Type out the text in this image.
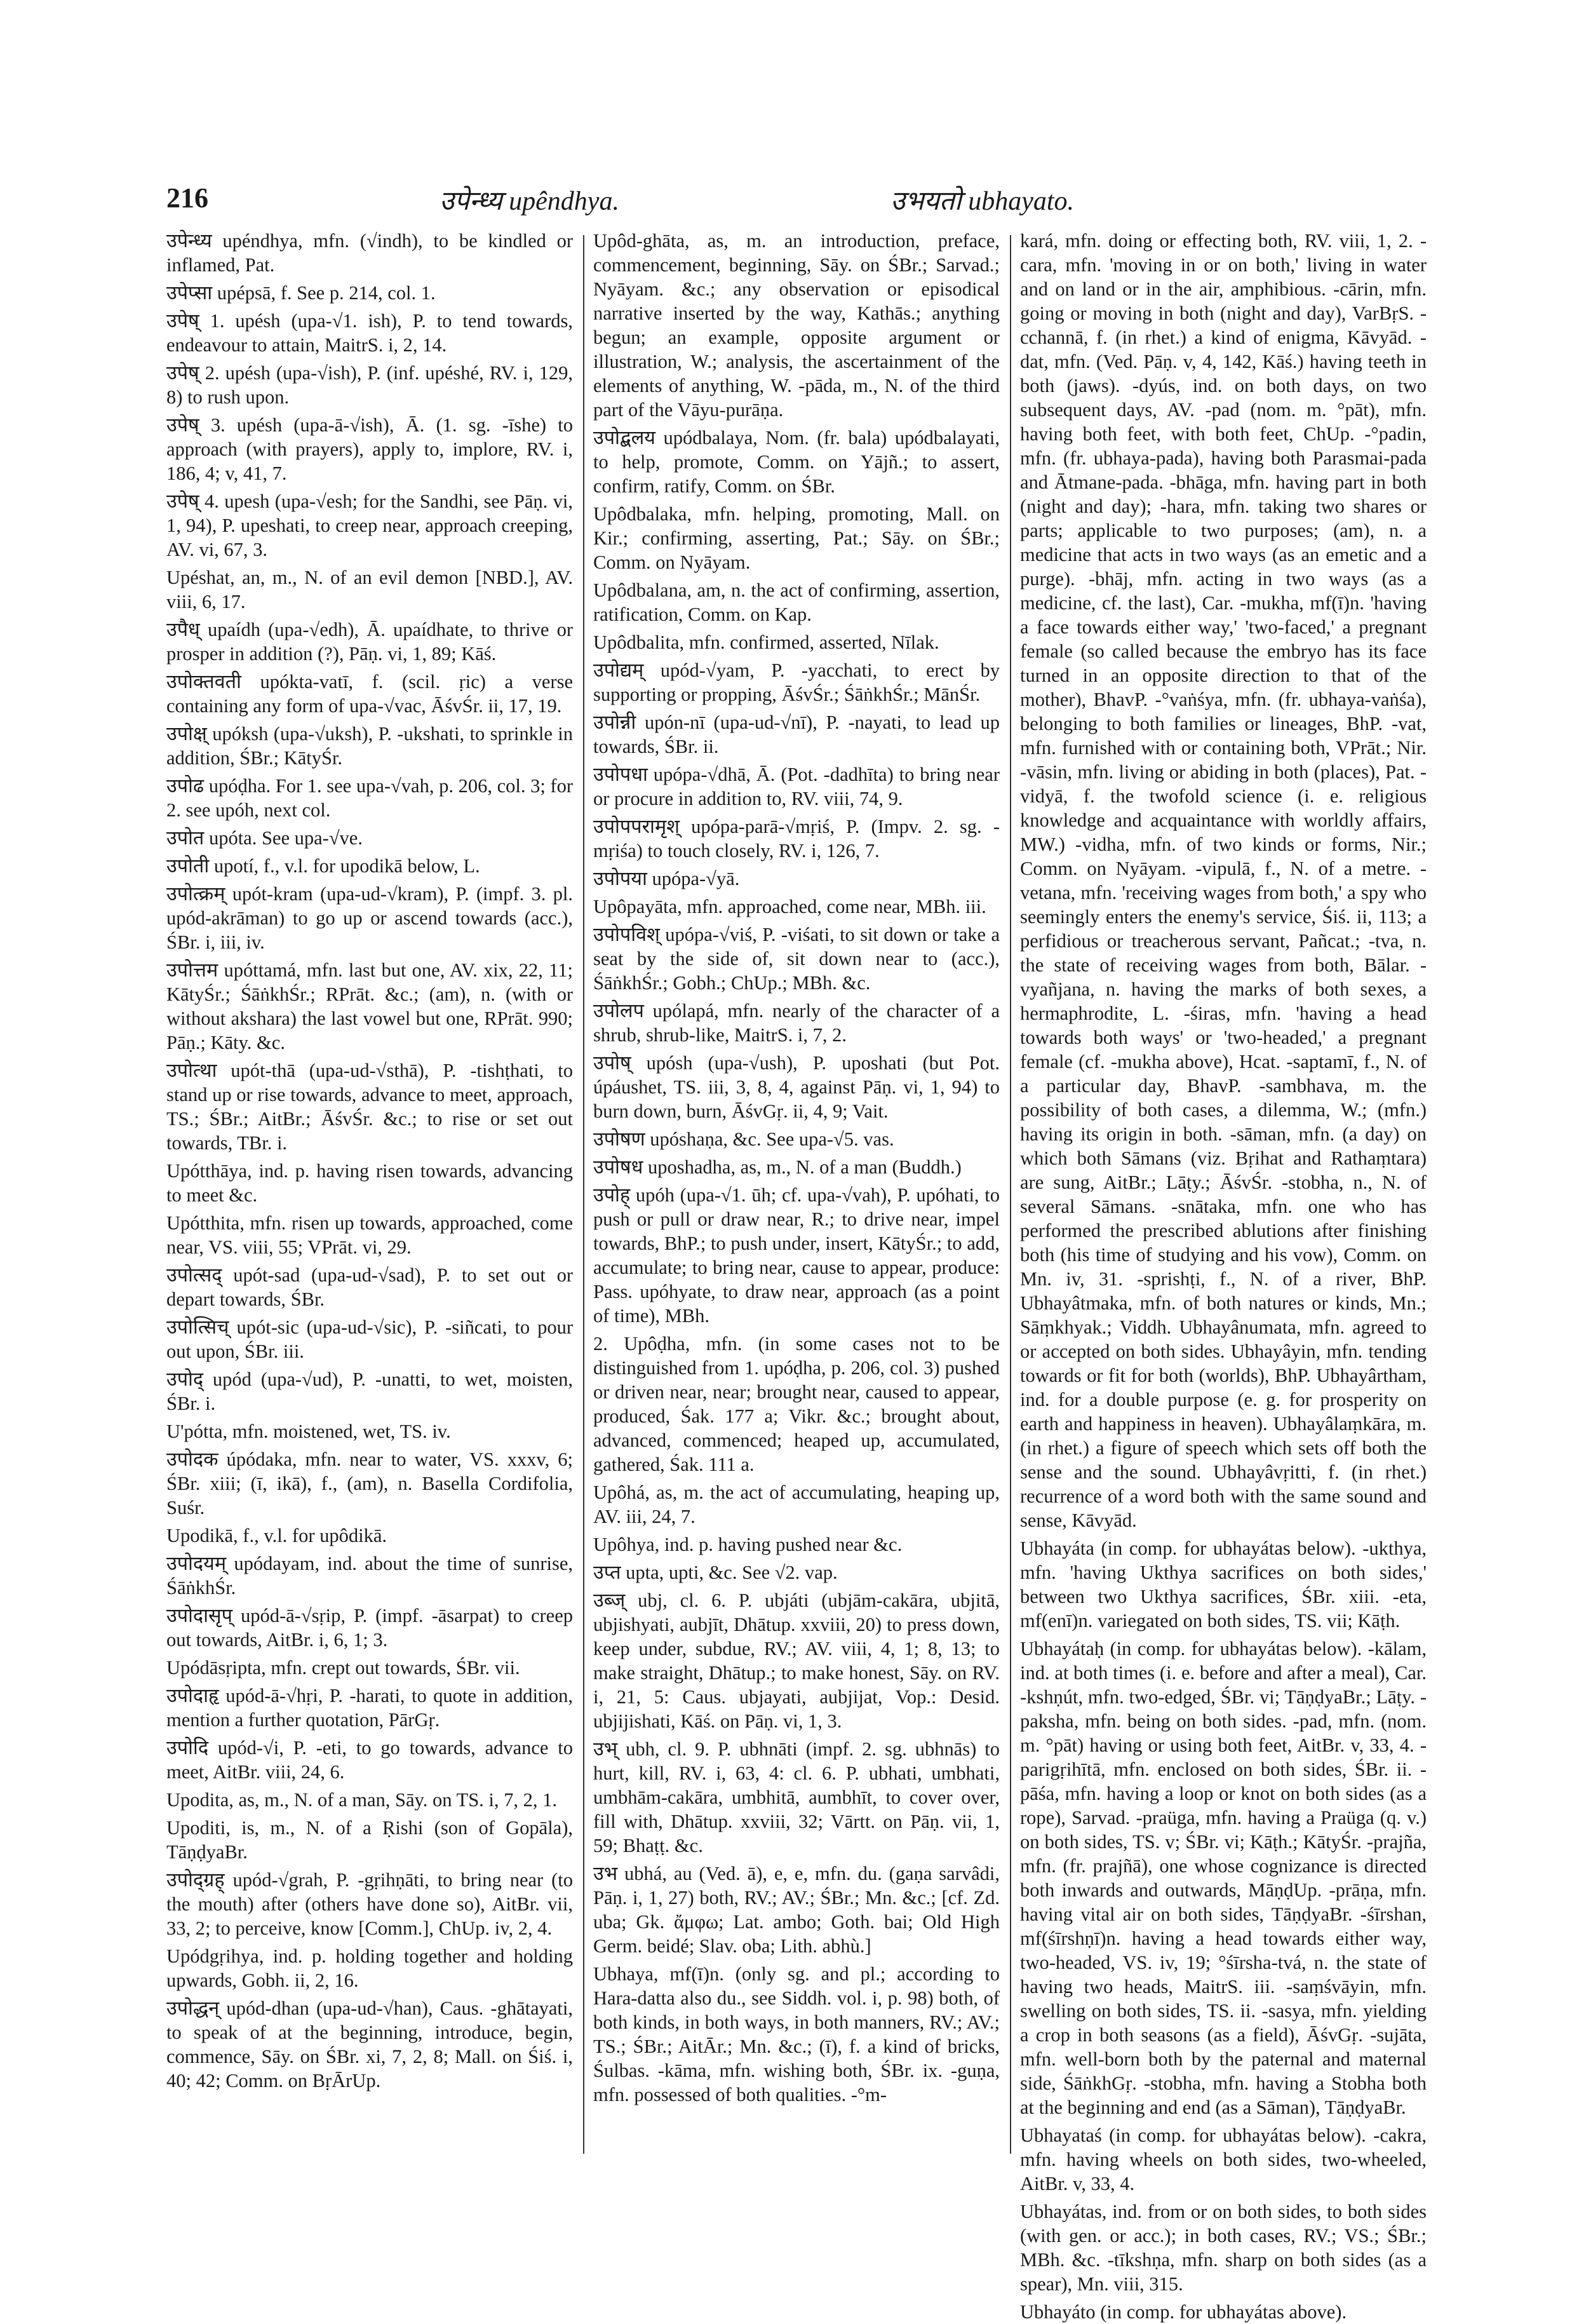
216	उपेन्ध्य upêndhya.	उभयतो ubhayato.

उपेन्ध्य upéndhya, mfn. (√indh), to be kindled or inflamed, Pat.

उपेप्सा upépsā, f. See p. 214, col. 1.

उपेष् 1. upésh (upa-√1. ish), P. to tend towards, endeavour to attain, MaitrS. i, 2, 14.

उपेष् 2. upésh (upa-√ish), P. (inf. upéshé, RV. i, 129, 8) to rush upon.

उपेष् 3. upésh (upa-ā-√ish), Ā. (1. sg. -īshe) to approach (with prayers), apply to, implore, RV. i, 186, 4; v, 41, 7.

उपेष् 4. upesh (upa-√esh; for the Sandhi, see Pāṇ. vi, 1, 94), P. upeshati, to creep near, approach creeping, AV. vi, 67, 3.

Upéshat, an, m., N. of an evil demon [NBD.], AV. viii, 6, 17.

उपैध् upaídh (upa-√edh), Ā. upaídhate, to thrive or prosper in addition (?), Pāṇ. vi, 1, 89; Kāś.

उपोक्तवती upókta-vatī, f. (scil. ṛic) a verse containing any form of upa-√vac, ĀśvŚr. ii, 17, 19.

उपोक्ष् upóksh (upa-√uksh), P. -ukshati, to sprinkle in addition, ŚBr.; KātyŚr.

उपोढ upóḍha. For 1. see upa-√vah, p. 206, col. 3; for 2. see upóh, next col.

उपोत upóta. See upa-√ve.

उपोती upotí, f., v.l. for upodikā below, L.

उपोत्क्रम् upót-kram (upa-ud-√kram), P. (impf. 3. pl. upód-akrāman) to go up or ascend towards (acc.), ŚBr. i, iii, iv.

उपोत्तम upóttamá, mfn. last but one, AV. xix, 22, 11; KātyŚr.; ŚāṅkhŚr.; RPrāt. &c.; (am), n. (with or without akshara) the last vowel but one, RPrāt. 990; Pāṇ.; Kāty. &c.

उपोत्था upót-thā (upa-ud-√sthā), P. -tishṭhati, to stand up or rise towards, advance to meet, approach, TS.; ŚBr.; AitBr.; ĀśvŚr. &c.; to rise or set out towards, TBr. i.

Upótthāya, ind. p. having risen towards, advancing to meet &c.

Upótthita, mfn. risen up towards, approached, come near, VS. viii, 55; VPrāt. vi, 29.

उपोत्सद् upót-sad (upa-ud-√sad), P. to set out or depart towards, ŚBr.

उपोत्सिच् upót-sic (upa-ud-√sic), P. -siñcati, to pour out upon, ŚBr. iii.

उपोद् upód (upa-√ud), P. -unatti, to wet, moisten, ŚBr. i.

U'pótta, mfn. moistened, wet, TS. iv.

उपोदक úpódaka, mfn. near to water, VS. xxxv, 6; ŚBr. xiii; (ī, ikā), f., (am), n. Basella Cordifolia, Suśr.

Upodikā, f., v.l. for upôdikā.

उपोदयम् upódayam, ind. about the time of sunrise, ŚāṅkhŚr.

उपोदासृप् upód-ā-√sṛip, P. (impf. -āsarpat) to creep out towards, AitBr. i, 6, 1; 3.

Upódāsṛipta, mfn. crept out towards, ŚBr. vii.

उपोदाहृ upód-ā-√hṛi, P. -harati, to quote in addition, mention a further quotation, PārGṛ.

उपोदि upód-√i, P. -eti, to go towards, advance to meet, AitBr. viii, 24, 6.

Upodita, as, m., N. of a man, Sāy. on TS. i, 7, 2, 1.

Upoditi, is, m., N. of a Ṛishi (son of Gopāla), TāṇḍyaBr.

उपोद्ग्रह् upód-√grah, P. -gṛihṇāti, to bring near (to the mouth) after (others have done so), AitBr. vii, 33, 2; to perceive, know [Comm.], ChUp. iv, 2, 4.

Upódgṛihya, ind. p. holding together and holding upwards, Gobh. ii, 2, 16.

उपोद्धन् upód-dhan (upa-ud-√han), Caus. -ghātayati, to speak of at the beginning, introduce, begin, commence, Sāy. on ŚBr. xi, 7, 2, 8; Mall. on Śiś. i, 40; 42; Comm. on BṛĀrUp.

Upôd-ghāta, as, m. an introduction, preface, commencement, beginning, Sāy. on ŚBr.; Sarvad.; Nyāyam. &c.; any observation or episodical narrative inserted by the way, Kathās.; anything begun; an example, opposite argument or illustration, W.; analysis, the ascertainment of the elements of anything, W. -pāda, m., N. of the third part of the Vāyu-purāṇa.

उपोद्बलय upódbalaya, Nom. (fr. bala) upódbalayati, to help, promote, Comm. on Yājñ.; to assert, confirm, ratify, Comm. on ŚBr.

Upôdbalaka, mfn. helping, promoting, Mall. on Kir.; confirming, asserting, Pat.; Sāy. on ŚBr.; Comm. on Nyāyam.

Upôdbalana, am, n. the act of confirming, assertion, ratification, Comm. on Kap.

Upôdbalita, mfn. confirmed, asserted, Nīlak.

उपोद्यम् upód-√yam, P. -yacchati, to erect by supporting or propping, ĀśvŚr.; ŚāṅkhŚr.; MānŚr.

उपोन्नी upón-nī (upa-ud-√nī), P. -nayati, to lead up towards, ŚBr. ii.

उपोपधा upópa-√dhā, Ā. (Pot. -dadhīta) to bring near or procure in addition to, RV. viii, 74, 9.

उपोपपरामृश् upópa-parā-√mṛiś, P. (Impv. 2. sg. -mṛiśa) to touch closely, RV. i, 126, 7.

उपोपया upópa-√yā.

Upôpayāta, mfn. approached, come near, MBh. iii.

उपोपविश् upópa-√viś, P. -viśati, to sit down or take a seat by the side of, sit down near to (acc.), ŚāṅkhŚr.; Gobh.; ChUp.; MBh. &c.

उपोलप upólapá, mfn. nearly of the character of a shrub, shrub-like, MaitrS. i, 7, 2.

उपोष् upósh (upa-√ush), P. uposhati (but Pot. úpáushet, TS. iii, 3, 8, 4, against Pāṇ. vi, 1, 94) to burn down, burn, ĀśvGṛ. ii, 4, 9; Vait.

उपोषण upóshaṇa, &c. See upa-√5. vas.

उपोषध uposhadha, as, m., N. of a man (Buddh.)

उपोह् upóh (upa-√1. ūh; cf. upa-√vah), P. upóhati, to push or pull or draw near, R.; to drive near, impel towards, BhP.; to push under, insert, KātyŚr.; to add, accumulate; to bring near, cause to appear, produce: Pass. upóhyate, to draw near, approach (as a point of time), MBh.

2. Upôḍha, mfn. (in some cases not to be distinguished from 1. upóḍha, p. 206, col. 3) pushed or driven near, near; brought near, caused to appear, produced, Śak. 177 a; Vikr. &c.; brought about, advanced, commenced; heaped up, accumulated, gathered, Śak. 111 a.

Upôhá, as, m. the act of accumulating, heaping up, AV. iii, 24, 7.

Upôhya, ind. p. having pushed near &c.

उप्त upta, upti, &c. See √2. vap.

उब्ज् ubj, cl. 6. P. ubjáti (ubjām-cakāra, ubjitā, ubjishyati, aubjīt, Dhātup. xxviii, 20) to press down, keep under, subdue, RV.; AV. viii, 4, 1; 8, 13; to make straight, Dhātup.; to make honest, Sāy. on RV. i, 21, 5: Caus. ubjayati, aubjijat, Vop.: Desid. ubjijishati, Kāś. on Pāṇ. vi, 1, 3.

उभ् ubh, cl. 9. P. ubhnāti (impf. 2. sg. ubhnās) to hurt, kill, RV. i, 63, 4: cl. 6. P. ubhati, umbhati, umbhām-cakāra, umbhitā, aumbhīt, to cover over, fill with, Dhātup. xxviii, 32; Vārtt. on Pāṇ. vii, 1, 59; Bhaṭṭ. &c.

उभ ubhá, au (Ved. ā), e, e, mfn. du. (gaṇa sarvâdi, Pāṇ. i, 1, 27) both, RV.; AV.; ŚBr.; Mn. &c.; [cf. Zd. uba; Gk. ἄμφω; Lat. ambo; Goth. bai; Old High Germ. beidé; Slav. oba; Lith. abhù.]

Ubhaya, mf(ī)n. (only sg. and pl.; according to Hara-datta also du., see Siddh. vol. i, p. 98) both, of both kinds, in both ways, in both manners, RV.; AV.; TS.; ŚBr.; AitĀr.; Mn. &c.; (ī), f. a kind of bricks, Śulbas. -kāma, mfn. wishing both, ŚBr. ix. -guṇa, mfn. possessed of both qualities. -°m-

kará, mfn. doing or effecting both, RV. viii, 1, 2. -cara, mfn. 'moving in or on both,' living in water and on land or in the air, amphibious. -cārin, mfn. going or moving in both (night and day), VarBṛS. -cchannā, f. (in rhet.) a kind of enigma, Kāvyād. -dat, mfn. (Ved. Pāṇ. v, 4, 142, Kāś.) having teeth in both (jaws). -dyús, ind. on both days, on two subsequent days, AV. -pad (nom. m. °pāt), mfn. having both feet, with both feet, ChUp. -°padin, mfn. (fr. ubhaya-pada), having both Parasmai-pada and Ātmane-pada. -bhāga, mfn. having part in both (night and day); -hara, mfn. taking two shares or parts; applicable to two purposes; (am), n. a medicine that acts in two ways (as an emetic and a purge). -bhāj, mfn. acting in two ways (as a medicine, cf. the last), Car. -mukha, mf(ī)n. 'having a face towards either way,' 'two-faced,' a pregnant female (so called because the embryo has its face turned in an opposite direction to that of the mother), BhavP. -°vaṅśya, mfn. (fr. ubhaya-vaṅśa), belonging to both families or lineages, BhP. -vat, mfn. furnished with or containing both, VPrāt.; Nir. -vāsin, mfn. living or abiding in both (places), Pat. -vidyā, f. the twofold science (i. e. religious knowledge and acquaintance with worldly affairs, MW.) -vidha, mfn. of two kinds or forms, Nir.; Comm. on Nyāyam. -vipulā, f., N. of a metre. -vetana, mfn. 'receiving wages from both,' a spy who seemingly enters the enemy's service, Śiś. ii, 113; a perfidious or treacherous servant, Pañcat.; -tva, n. the state of receiving wages from both, Bālar. -vyañjana, n. having the marks of both sexes, a hermaphrodite, L. -śiras, mfn. 'having a head towards both ways' or 'two-headed,' a pregnant female (cf. -mukha above), Hcat. -saptamī, f., N. of a particular day, BhavP. -sambhava, m. the possibility of both cases, a dilemma, W.; (mfn.) having its origin in both. -sāman, mfn. (a day) on which both Sāmans (viz. Bṛihat and Rathaṃtara) are sung, AitBr.; Lāṭy.; ĀśvŚr. -stobha, n., N. of several Sāmans. -snātaka, mfn. one who has performed the prescribed ablutions after finishing both (his time of studying and his vow), Comm. on Mn. iv, 31. -sprishṭi, f., N. of a river, BhP. Ubhayâtmaka, mfn. of both natures or kinds, Mn.; Sāṃkhyak.; Viddh. Ubhayânumata, mfn. agreed to or accepted on both sides. Ubhayâyin, mfn. tending towards or fit for both (worlds), BhP. Ubhayârtham, ind. for a double purpose (e. g. for prosperity on earth and happiness in heaven). Ubhayâlaṃkāra, m. (in rhet.) a figure of speech which sets off both the sense and the sound. Ubhayâvṛitti, f. (in rhet.) recurrence of a word both with the same sound and sense, Kāvyād.

Ubhayáta (in comp. for ubhayátas below). -ukthya, mfn. 'having Ukthya sacrifices on both sides,' between two Ukthya sacrifices, ŚBr. xiii. -eta, mf(enī)n. variegated on both sides, TS. vii; Kāṭh.

Ubhayátaḥ (in comp. for ubhayátas below). -kālam, ind. at both times (i. e. before and after a meal), Car. -kshṇút, mfn. two-edged, ŚBr. vi; TāṇḍyaBr.; Lāṭy. -paksha, mfn. being on both sides. -pad, mfn. (nom. m. °pāt) having or using both feet, AitBr. v, 33, 4. -parigṛihītā, mfn. enclosed on both sides, ŚBr. ii. -pāśa, mfn. having a loop or knot on both sides (as a rope), Sarvad. -praüga, mfn. having a Praüga (q. v.) on both sides, TS. v; ŚBr. vi; Kāṭh.; KātyŚr. -prajña, mfn. (fr. prajñā), one whose cognizance is directed both inwards and outwards, MāṇḍUp. -prāṇa, mfn. having vital air on both sides, TāṇḍyaBr. -śīrshan, mf(śīrshṇī)n. having a head towards either way, two-headed, VS. iv, 19; °śīrsha-tvá, n. the state of having two heads, MaitrS. iii. -saṃśvāyin, mfn. swelling on both sides, TS. ii. -sasya, mfn. yielding a crop in both seasons (as a field), ĀśvGṛ. -sujāta, mfn. well-born both by the paternal and maternal side, ŚāṅkhGṛ. -stobha, mfn. having a Stobha both at the beginning and end (as a Sāman), TāṇḍyaBr.

Ubhayataś (in comp. for ubhayátas below). -cakra, mfn. having wheels on both sides, two-wheeled, AitBr. v, 33, 4.

Ubhayátas, ind. from or on both sides, to both sides (with gen. or acc.); in both cases, RV.; VS.; ŚBr.; MBh. &c. -tīkshṇa, mfn. sharp on both sides (as a spear), Mn. viii, 315.

Ubhayáto (in comp. for ubhayátas above).
